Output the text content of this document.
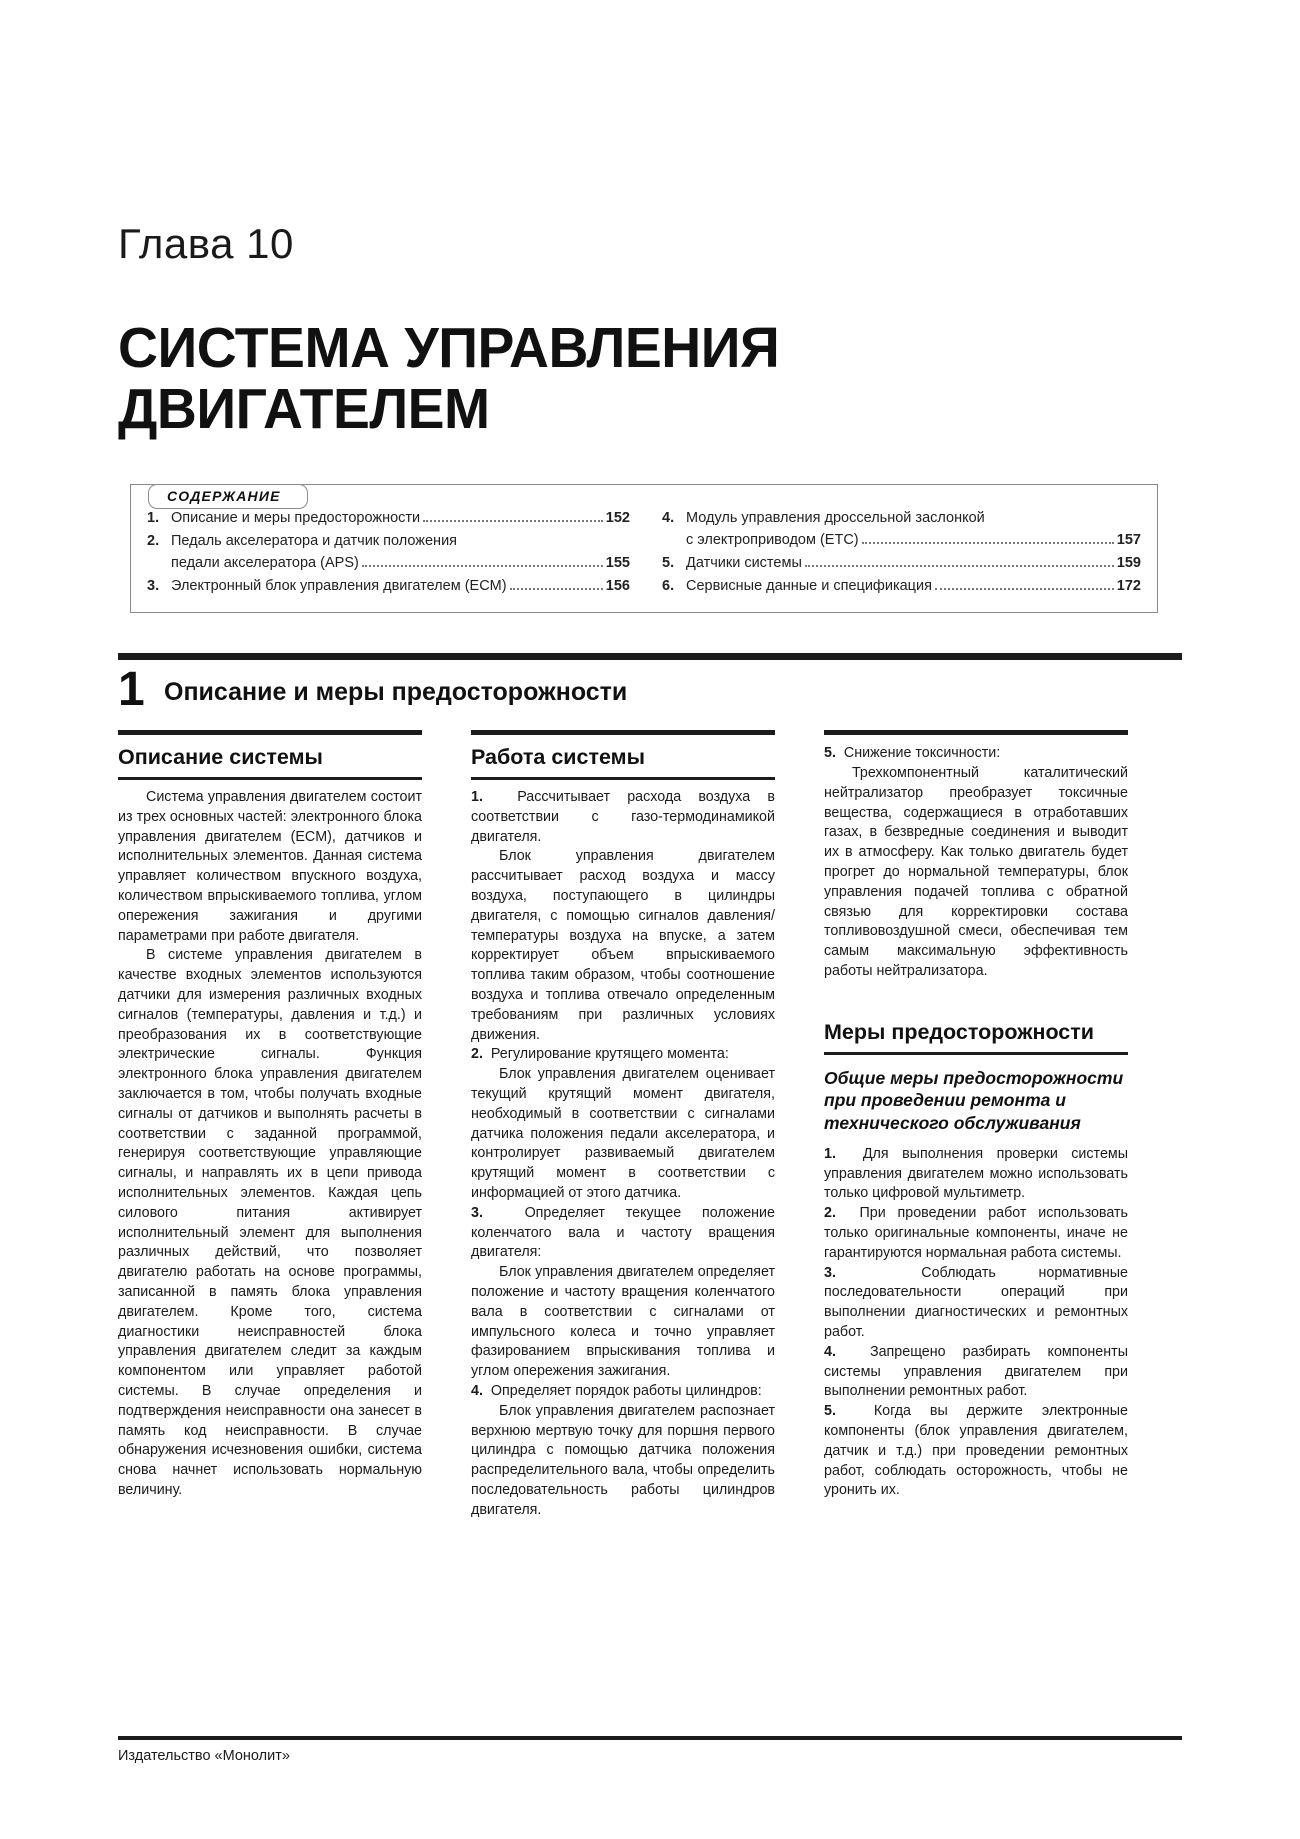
Глава 10
СИСТЕМА УПРАВЛЕНИЯ
ДВИГАТЕЛЕМ
СОДЕРЖАНИЕ
1. Описание и меры предосторожности	152
2. Педаль акселератора и датчик положения
педали акселератора (APS)	155
3. Электронный блок управления двигателем (ECM)	156
4. Модуль управления дроссельной заслонкой
с электроприводом (ETC)	157
5. Датчики системы	159
6. Сервисные данные и спецификация	172
1 Описание и меры предосторожности
Описание системы

Система управления двигателем состоит из трех основных частей: электронного блока управления двигателем (ECM), датчиков и исполнительных элементов. Данная система управляет количеством впускного воздуха, количеством впрыскиваемого топлива, углом опережения зажигания и другими параметрами при работе двигателя.

В системе управления двигателем в качестве входных элементов используются датчики для измерения различных входных сигналов (температуры, давления и т.д.) и преобразования их в соответствующие электрические сигналы. Функция электронного блока управления двигателем заключается в том, чтобы получать входные сигналы от датчиков и выполнять расчеты в соответствии с заданной программой, генерируя соответствующие управляющие сигналы, и направлять их в цепи привода исполнительных элементов. Каждая цепь силового питания активирует исполнительный элемент для выполнения различных действий, что позволяет двигателю работать на основе программы, записанной в память блока управления двигателем. Кроме того, система диагностики неисправностей блока управления двигателем следит за каждым компонентом или управляет работой системы. В случае определения и подтверждения неисправности она занесет в память код неисправности. В случае обнаружения исчезновения ошибки, система снова начнет использовать нормальную величину.

Работа системы

1. Рассчитывает расхода воздуха в соответствии с газо-термодинамикой двигателя.

Блок управления двигателем рассчитывает расход воздуха и массу воздуха, поступающего в цилиндры двигателя, с помощью сигналов давления/температуры воздуха на впуске, а затем корректирует объем впрыскиваемого топлива таким образом, чтобы соотношение воздуха и топлива отвечало определенным требованиям при различных условиях движения.

2. Регулирование крутящего момента:

Блок управления двигателем оценивает текущий крутящий момент двигателя, необходимый в соответствии с сигналами датчика положения педали акселератора, и контролирует развиваемый двигателем крутящий момент в соответствии с информацией от этого датчика.

3.	Определяет текущее положение коленчатого вала и частоту вращения двигателя:

Блок управления двигателем определяет положение и частоту вращения коленчатого вала в соответствии с сигналами от импульсного колеса и точно управляет фазированием впрыскивания топлива и углом опережения зажигания.

4. Определяет порядок работы цилиндров:

Блок управления двигателем распознает верхнюю мертвую точку для поршня первого цилиндра с помощью датчика положения распределительного вала, чтобы определить последовательность работы цилиндров двигателя.

5. Снижение токсичности:

Трехкомпонентный каталитический нейтрализатор преобразует токсичные вещества, содержащиеся в отработавших газах, в безвредные соединения и выводит их в атмосферу. Как только двигатель будет прогрет до нормальной температуры, блок управления подачей топлива с обратной связью для корректировки состава топливовоздушной смеси, обеспечивая тем самым максимальную эффективность работы нейтрализатора.

Меры предосторожности
Общие меры предосторожности при проведении ремонта и технического обслуживания

1. Для выполнения проверки системы управления двигателем можно использовать только цифровой мультиметр.

2. При проведении работ использовать только оригинальные компоненты, иначе не гарантируются нормальная работа системы.

3.	Соблюдать нормативные последовательности операций при выполнении диагностических и ремонтных работ.

4. Запрещено разбирать компоненты системы управления двигателем при выполнении ремонтных работ.

5.	Когда вы держите электронные компоненты (блок управления двигателем, датчик и т.д.) при проведении ремонтных работ, соблюдать осторожность, чтобы не уронить их.

Издательство «Монолит»
